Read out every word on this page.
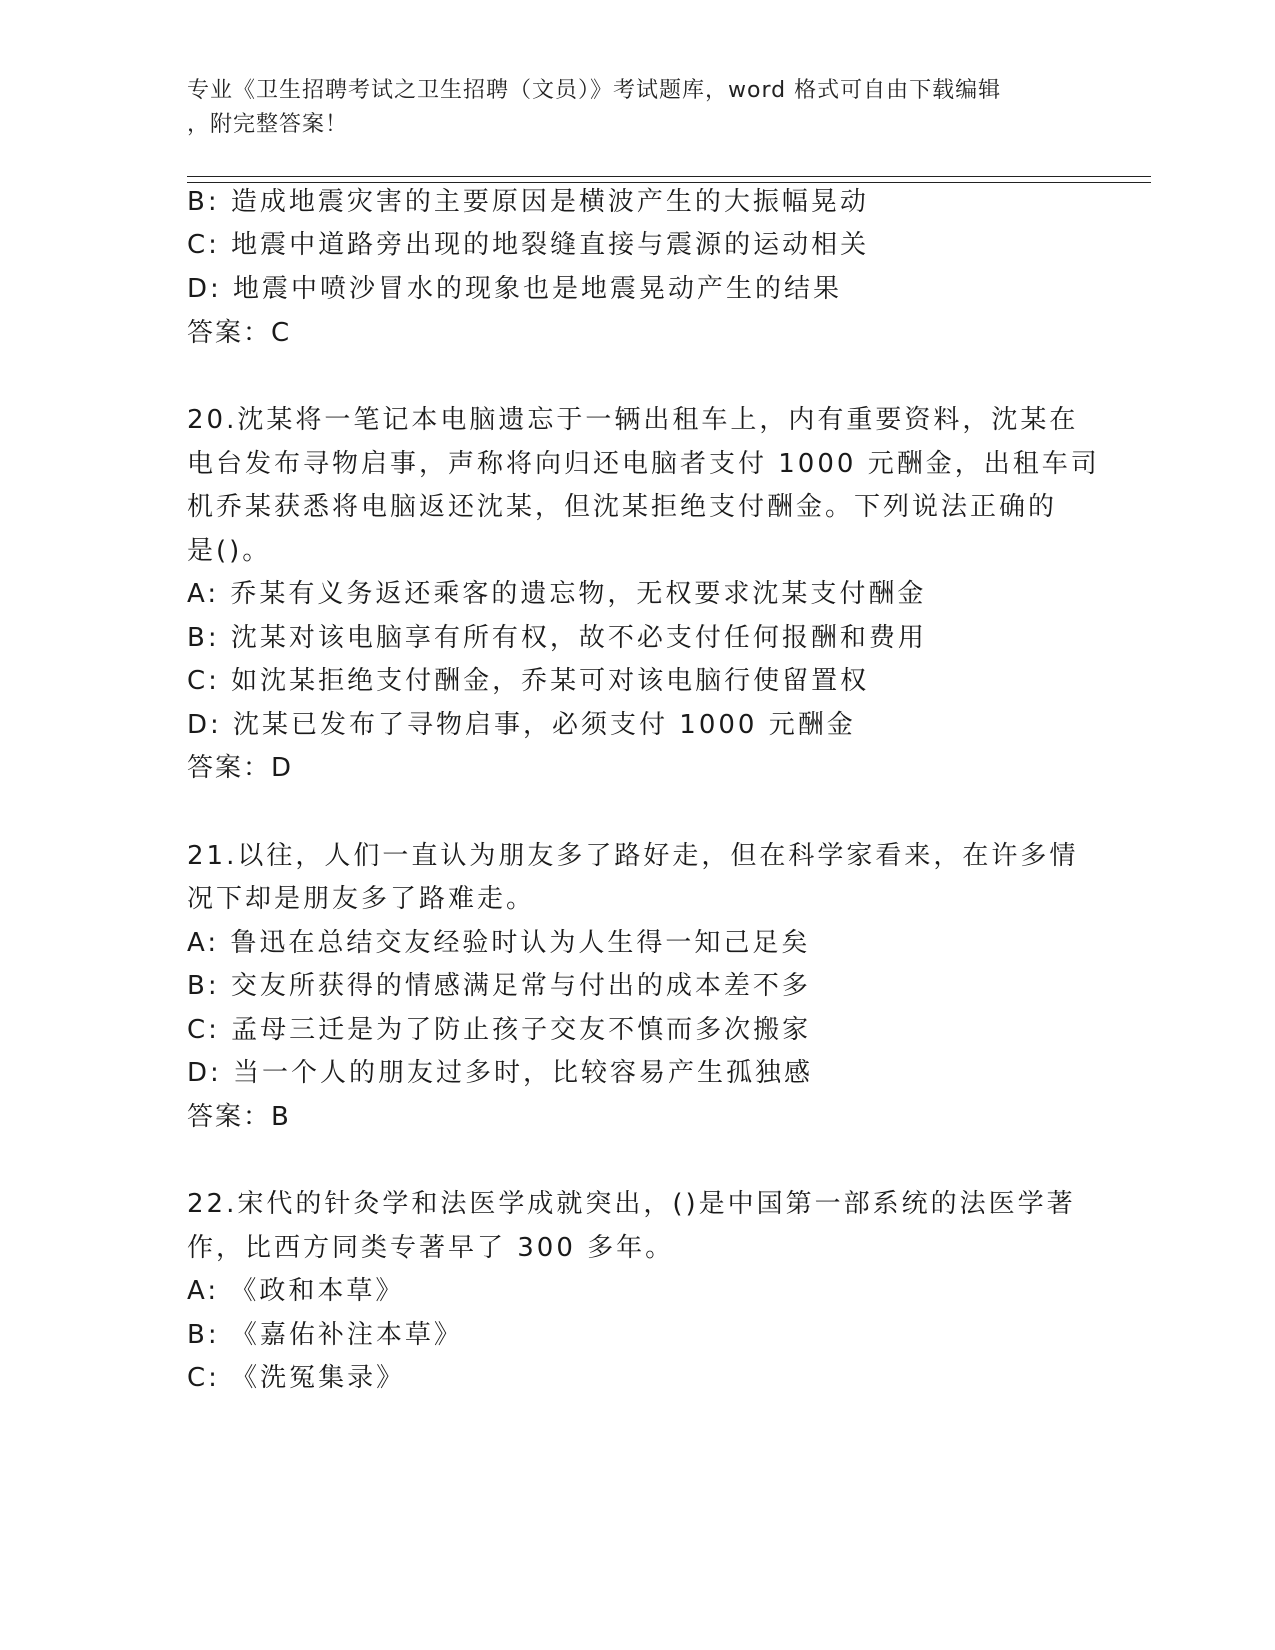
专业《卫生招聘考试之卫生招聘（文员）》考试题库，word 格式可自由下载编辑
，附完整答案！
B: 造成地震灾害的主要原因是横波产生的大振幅晃动
C: 地震中道路旁出现的地裂缝直接与震源的运动相关
D: 地震中喷沙冒水的现象也是地震晃动产生的结果
答案：C
20.沈某将一笔记本电脑遗忘于一辆出租车上，内有重要资料，沈某在
电台发布寻物启事，声称将向归还电脑者支付 1000 元酬金，出租车司
机乔某获悉将电脑返还沈某，但沈某拒绝支付酬金。下列说法正确的
是()。
A: 乔某有义务返还乘客的遗忘物，无权要求沈某支付酬金
B: 沈某对该电脑享有所有权，故不必支付任何报酬和费用
C: 如沈某拒绝支付酬金，乔某可对该电脑行使留置权
D: 沈某已发布了寻物启事，必须支付 1000 元酬金
答案：D
21.以往，人们一直认为朋友多了路好走，但在科学家看来，在许多情
况下却是朋友多了路难走。
A: 鲁迅在总结交友经验时认为人生得一知己足矣
B: 交友所获得的情感满足常与付出的成本差不多
C: 孟母三迁是为了防止孩子交友不慎而多次搬家
D: 当一个人的朋友过多时，比较容易产生孤独感
答案：B
22.宋代的针灸学和法医学成就突出，()是中国第一部系统的法医学著
作，比西方同类专著早了 300 多年。
A: 《政和本草》
B: 《嘉佑补注本草》
C: 《洗冤集录》
